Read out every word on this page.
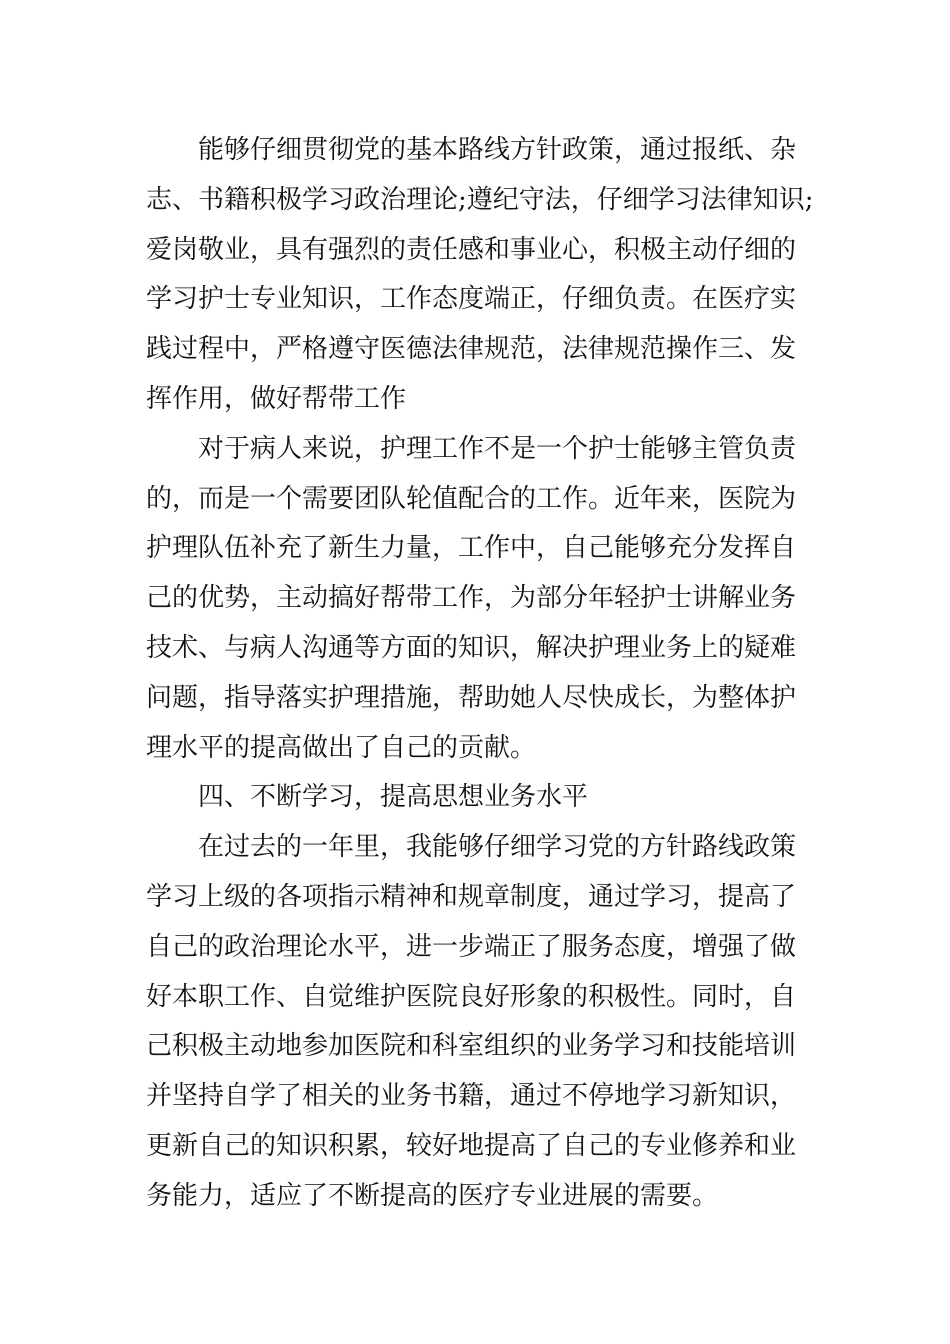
能够仔细贯彻党的基本路线方针政策，通过报纸、杂
志、书籍积极学习政治理论;遵纪守法，仔细学习法律知识;
爱岗敬业，具有强烈的责任感和事业心，积极主动仔细的
学习护士专业知识，工作态度端正，仔细负责。在医疗实
践过程中，严格遵守医德法律规范，法律规范操作三、发
挥作用，做好帮带工作

对于病人来说，护理工作不是一个护士能够主管负责
的，而是一个需要团队轮值配合的工作。近年来，医院为
护理队伍补充了新生力量，工作中，自己能够充分发挥自
己的优势，主动搞好帮带工作，为部分年轻护士讲解业务
技术、与病人沟通等方面的知识，解决护理业务上的疑难
问题，指导落实护理措施，帮助她人尽快成长，为整体护
理水平的提高做出了自己的贡献。

四、不断学习，提高思想业务水平

在过去的一年里，我能够仔细学习党的方针路线政策
学习上级的各项指示精神和规章制度，通过学习，提高了
自己的政治理论水平，进一步端正了服务态度，增强了做
好本职工作、自觉维护医院良好形象的积极性。同时，自
己积极主动地参加医院和科室组织的业务学习和技能培训
并坚持自学了相关的业务书籍，通过不停地学习新知识，
更新自己的知识积累，较好地提高了自己的专业修养和业
务能力，适应了不断提高的医疗专业进展的需要。
